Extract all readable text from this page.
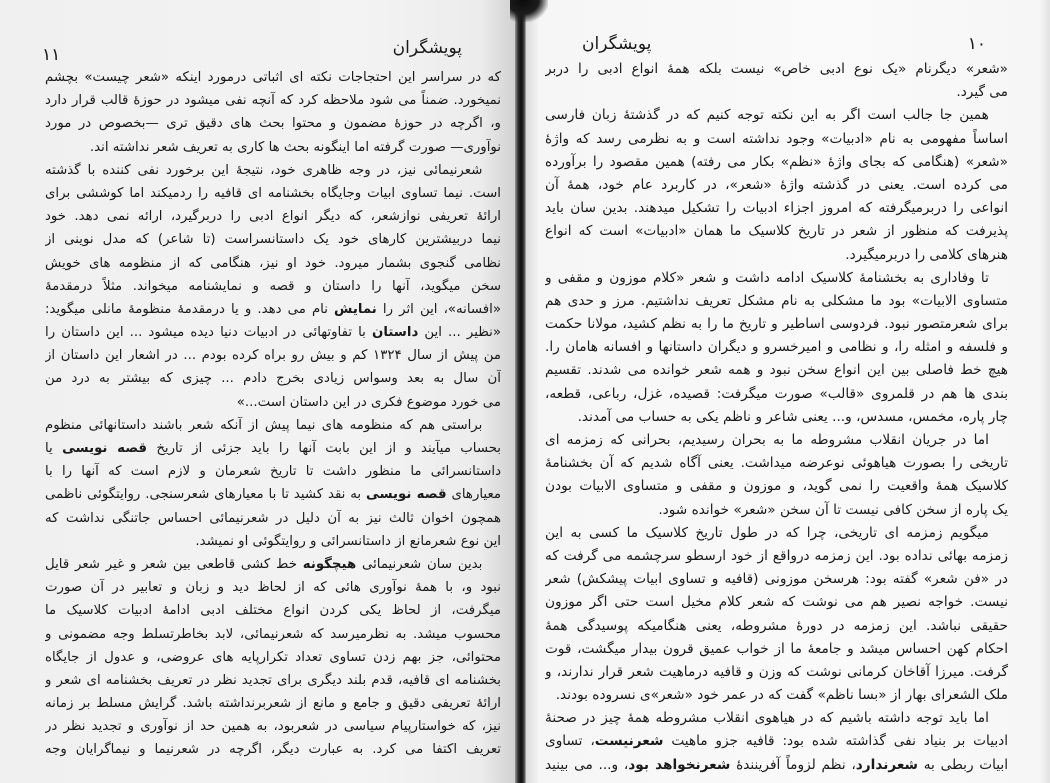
پویشگران
۱۱
که در سراسر این احتجاجات نکته ای اثباتی درمورد اینکه «شعر چیست» بچشم
نمیخورد. ضمناً می شود ملاحظه کرد که آنچه نفی میشود در حوزۀ قالب قرار دارد
و، اگرچه در حوزۀ مضمون و محتوا بحث های دقیق تری —بخصوص در مورد
نوآوری— صورت گرفته اما اینگونه بحث ها کاری به تعریف شعر نداشته اند.
شعرنیمائی نیز، در وجه ظاهری خود، نتیجۀ این برخورد نفی کننده با گذشته
است. نیما تساوی ابیات وجایگاه بخشنامه ای قافیه را ردمیکند اما کوششی برای
ارائۀ تعریفی نوازشعر، که دیگر انواع ادبی را دربرگیرد، ارائه نمی دهد. خود
نیما دربیشترین کارهای خود یک داستانسراست (تا شاعر) که مدل نوینی از
نظامی گنجوی بشمار میرود. خود او نیز، هنگامی که از منظومه های خویش
سخن میگوید، آنها را داستان و قصه و نمایشنامه میخواند. مثلاً درمقدمۀ
«افسانه»، این اثر را نمایش نام می دهد. و یا درمقدمۀ منظومۀ مانلی میگوید:
«نظیر ... این داستان با تفاوتهائی در ادبیات دنیا دیده میشود ... این داستان را
من پیش از سال ۱۳۲۴ کم و بیش رو براه کرده بودم ... در اشعار این داستان از
آن سال به بعد وسواس زیادی بخرج دادم ... چیزی که بیشتر به درد من
می خورد موضوع فکری در این داستان است...»
براستی هم که منظومه های نیما پیش از آنکه شعر باشند داستانهائی منظوم
بحساب میآیند و از این بابت آنها را باید جزئی از تاریخ قصه نویسی یا
داستانسرائی ما منظور داشت تا تاریخ شعرمان و لازم است که آنها را با
معیارهای قصه نویسی به نقد کشید تا با معیارهای شعرسنجی. روایتگوئی ناظمی
همچون اخوان ثالث نیز به آن دلیل در شعرنیمائی احساس جاتنگی نداشت که
این نوع شعرمانع از داستانسرائی و روایتگوئی او نمیشد.
بدین سان شعرنیمائی هیچگونه خط کشی قاطعی بین شعر و غیر شعر قایل
نبود و، با همۀ نوآوری هائی که از لحاظ دید و زبان و تعابیر در آن صورت
میگرفت، از لحاظ یکی کردن انواع مختلف ادبی ادامۀ ادبیات کلاسیک ما
محسوب میشد. به نظرمیرسد که شعرنیمائی، لابد بخاطرتسلط وجه مضمونی و
محتوائی، جز بهم زدن تساوی تعداد تکرارپایه های عروضی، و عدول از جایگاه
بخشنامه ای قافیه، قدم بلند دیگری برای تجدید نظر در تعریف بخشنامه ای شعر و
ارائۀ تعریفی دقیق و جامع و مانع از شعربرنداشته باشد. گرایش مسلط بر زمانه
نیز، که خواستارپیام سیاسی در شعربود، به همین حد از نوآوری و تجدید نظر در
تعریف اکتفا می کرد. به عبارت دیگر، اگرچه در شعرنیما و نیماگرایان وجه
پویشگران	۱۰
«شعر» دیگرنام «یک نوع ادبی خاص» نیست بلکه همۀ انواع ادبی را دربر
می گیرد.
همین جا جالب است اگر به این نکته توجه کنیم که در گذشتۀ زبان فارسی
اساساً مفهومی به نام «ادبیات» وجود نداشته است و به نظرمی رسد که واژۀ
«شعر» (هنگامی که بجای واژۀ «نظم» بکار می رفته) همین مقصود را برآورده
می کرده است. یعنی در گذشته واژۀ «شعر»، در کاربرد عام خود، همۀ آن
انواعی را دربرمیگرفته که امروز اجزاء ادبیات را تشکیل میدهند. بدین سان باید
پذیرفت که منظور از شعر در تاریخ کلاسیک ما همان «ادبیات» است که انواع
هنرهای کلامی را دربرمیگیرد.
تا وفاداری به بخشنامۀ کلاسیک ادامه داشت و شعر «کلام موزون و مقفی و
متساوی الابیات» بود ما مشکلی به نام مشکل تعریف نداشتیم. مرز و حدی هم
برای شعرمتصور نبود. فردوسی اساطیر و تاریخ ما را به نظم کشید، مولانا حکمت
و فلسفه و امثله را، و نظامی و امیرخسرو و دیگران داستانها و افسانه هامان را.
هیچ خط فاصلی بین این انواع سخن نبود و همه شعر خوانده می شدند. تقسیم
بندی ها هم در قلمروی «قالب» صورت میگرفت: قصیده، غزل، رباعی، قطعه،
چار پاره، مخمس، مسدس، و... یعنی شاعر و ناظم یکی به حساب می آمدند.
اما در جریان انقلاب مشروطه ما به بحران رسیدیم، بحرانی که زمزمه ای
تاریخی را بصورت هیاهوئی نوعرضه میداشت. یعنی آگاه شدیم که آن بخشنامۀ
کلاسیک همۀ واقعیت را نمی گوید، و موزون و مقفی و متساوی الابیات بودن
یک پاره از سخن کافی نیست تا آن سخن «شعر» خوانده شود.
میگویم زمزمه ای تاریخی، چرا که در طول تاریخ کلاسیک ما کسی به این
زمزمه بهائی نداده بود. این زمزمه درواقع از خود ارسطو سرچشمه می گرفت که
در «فن شعر» گفته بود: هرسخن موزونی (قافیه و تساوی ابیات پیشکش) شعر
نیست. خواجه نصیر هم می نوشت که شعر کلام مخیل است حتی اگر موزون
حقیقی نباشد. این زمزمه در دورۀ مشروطه، یعنی هنگامیکه پوسیدگی همۀ
احکام کهن احساس میشد و جامعۀ ما از خواب عمیق قرون بیدار میگشت، قوت
گرفت. میرزا آقاخان کرمانی نوشت که وزن و قافیه درماهیت شعر قرار ندارند، و
ملک الشعرای بهار از «بسا ناظم» گفت که در عمر خود «شعر»ی نسروده بودند.
اما باید توجه داشته باشیم که در هیاهوی انقلاب مشروطه همۀ چیز در صحنۀ
ادبیات بر بنیاد نفی گذاشته شده بود: قافیه جزو ماهیت شعرنیست، تساوی
ابیات ربطی به شعرندارد، نظم لزوماً آفرینندۀ شعرنخواهد بود، و... می بینید
